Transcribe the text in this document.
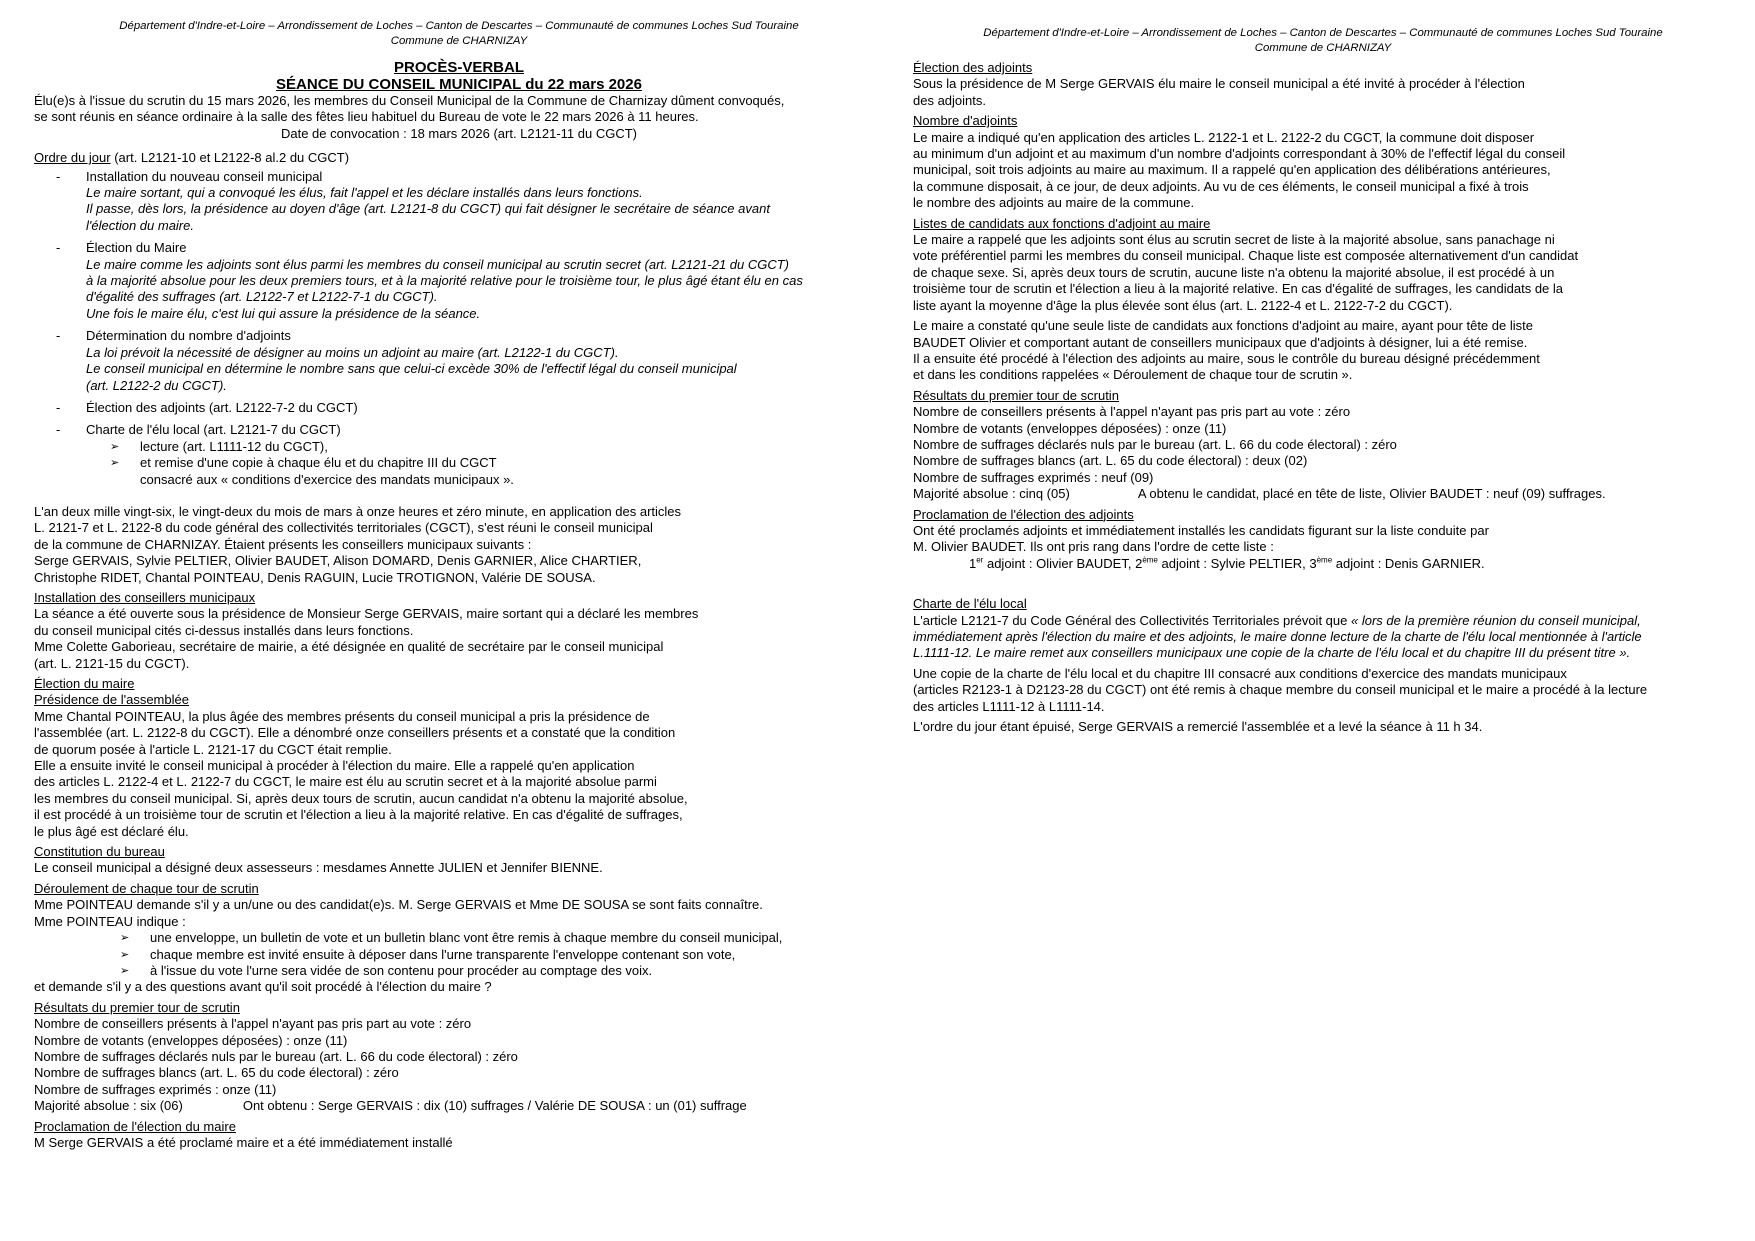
Département d'Indre-et-Loire – Arrondissement de Loches – Canton de Descartes – Communauté de communes Loches Sud Touraine
Commune de CHARNIZAY
PROCÈS-VERBAL
SÉANCE DU CONSEIL MUNICIPAL du 22 mars 2026
Élu(e)s à l'issue du scrutin du 15 mars 2026, les membres du Conseil Municipal de la Commune de Charnizay dûment convoqués,
se sont réunis en séance ordinaire à la salle des fêtes lieu habituel du Bureau de vote le 22 mars 2026 à 11 heures.
Date de convocation : 18 mars 2026 (art. L2121-11 du CGCT)
Ordre du jour (art. L2121-10 et L2122-8 al.2 du CGCT)
- Installation du nouveau conseil municipal
Le maire sortant, qui a convoqué les élus, fait l'appel et les déclare installés dans leurs fonctions.
Il passe, dès lors, la présidence au doyen d'âge (art. L2121-8 du CGCT) qui fait désigner le secrétaire de séance avant
l'élection du maire.
- Élection du Maire
Le maire comme les adjoints sont élus parmi les membres du conseil municipal au scrutin secret (art. L2121-21 du CGCT)
à la majorité absolue pour les deux premiers tours, et à la majorité relative pour le troisième tour, le plus âgé étant élu en cas
d'égalité des suffrages (art. L2122-7 et L2122-7-1 du CGCT).
Une fois le maire élu, c'est lui qui assure la présidence de la séance.
- Détermination du nombre d'adjoints
La loi prévoit la nécessité de désigner au moins un adjoint au maire (art. L2122-1 du CGCT).
Le conseil municipal en détermine le nombre sans que celui-ci excède 30% de l'effectif légal du conseil municipal
(art. L2122-2 du CGCT).
- Élection des adjoints (art. L2122-7-2 du CGCT)
- Charte de l'élu local (art. L2121-7 du CGCT)
➢ lecture (art. L1111-12 du CGCT),
➢ et remise d'une copie à chaque élu et du chapitre III du CGCT
consacré aux « conditions d'exercice des mandats municipaux ».
L'an deux mille vingt-six, le vingt-deux du mois de mars à onze heures et zéro minute, en application des articles
L. 2121-7 et L. 2122-8 du code général des collectivités territoriales (CGCT), s'est réuni le conseil municipal
de la commune de CHARNIZAY. Étaient présents les conseillers municipaux suivants :
Serge GERVAIS, Sylvie PELTIER, Olivier BAUDET, Alison DOMARD, Denis GARNIER, Alice CHARTIER,
Christophe RIDET, Chantal POINTEAU, Denis RAGUIN, Lucie TROTIGNON, Valérie DE SOUSA.
Installation des conseillers municipaux
La séance a été ouverte sous la présidence de Monsieur Serge GERVAIS, maire sortant qui a déclaré les membres
du conseil municipal cités ci-dessus installés dans leurs fonctions.
Mme Colette Gaborieau, secrétaire de mairie, a été désignée en qualité de secrétaire par le conseil municipal
(art. L. 2121-15 du CGCT).
Élection du maire
Présidence de l'assemblée
Mme Chantal POINTEAU, la plus âgée des membres présents du conseil municipal a pris la présidence de
l'assemblée (art. L. 2122-8 du CGCT). Elle a dénombré onze conseillers présents et a constaté que la condition
de quorum posée à l'article L. 2121-17 du CGCT était remplie.
Elle a ensuite invité le conseil municipal à procéder à l'élection du maire. Elle a rappelé qu'en application
des articles L. 2122-4 et L. 2122-7 du CGCT, le maire est élu au scrutin secret et à la majorité absolue parmi
les membres du conseil municipal. Si, après deux tours de scrutin, aucun candidat n'a obtenu la majorité absolue,
il est procédé à un troisième tour de scrutin et l'élection a lieu à la majorité relative. En cas d'égalité de suffrages,
le plus âgé est déclaré élu.
Constitution du bureau
Le conseil municipal a désigné deux assesseurs : mesdames Annette JULIEN et Jennifer BIENNE.
Déroulement de chaque tour de scrutin
Mme POINTEAU demande s'il y a un/une ou des candidat(e)s. M. Serge GERVAIS et Mme DE SOUSA se sont faits connaître.
Mme POINTEAU indique :
➢ une enveloppe, un bulletin de vote et un bulletin blanc vont être remis à chaque membre du conseil municipal,
➢ chaque membre est invité ensuite à déposer dans l'urne transparente l'enveloppe contenant son vote,
➢ à l'issue du vote l'urne sera vidée de son contenu pour procéder au comptage des voix.
et demande s'il y a des questions avant qu'il soit procédé à l'élection du maire ?
Résultats du premier tour de scrutin
Nombre de conseillers présents à l'appel n'ayant pas pris part au vote : zéro
Nombre de votants (enveloppes déposées) : onze (11)
Nombre de suffrages déclarés nuls par le bureau (art. L. 66 du code électoral) : zéro
Nombre de suffrages blancs (art. L. 65 du code électoral) : zéro
Nombre de suffrages exprimés : onze (11)
Majorité absolue : six (06)	Ont obtenu : Serge GERVAIS : dix (10) suffrages / Valérie DE SOUSA : un (01) suffrage
Proclamation de l'élection du maire
M Serge GERVAIS a été proclamé maire et a été immédiatement installé
Département d'Indre-et-Loire – Arrondissement de Loches – Canton de Descartes – Communauté de communes Loches Sud Touraine
Commune de CHARNIZAY
Élection des adjoints
Sous la présidence de M Serge GERVAIS élu maire le conseil municipal a été invité à procéder à l'élection
des adjoints.
Nombre d'adjoints
Le maire a indiqué qu'en application des articles L. 2122-1 et L. 2122-2 du CGCT, la commune doit disposer
au minimum d'un adjoint et au maximum d'un nombre d'adjoints correspondant à 30% de l'effectif légal du conseil
municipal, soit trois adjoints au maire au maximum. Il a rappelé qu'en application des délibérations antérieures,
la commune disposait, à ce jour, de deux adjoints. Au vu de ces éléments, le conseil municipal a fixé à trois
le nombre des adjoints au maire de la commune.
Listes de candidats aux fonctions d'adjoint au maire
Le maire a rappelé que les adjoints sont élus au scrutin secret de liste à la majorité absolue, sans panachage ni
vote préférentiel parmi les membres du conseil municipal. Chaque liste est composée alternativement d'un candidat
de chaque sexe. Si, après deux tours de scrutin, aucune liste n'a obtenu la majorité absolue, il est procédé à un
troisième tour de scrutin et l'élection a lieu à la majorité relative. En cas d'égalité de suffrages, les candidats de la
liste ayant la moyenne d'âge la plus élevée sont élus (art. L. 2122-4 et L. 2122-7-2 du CGCT).
Le maire a constaté qu'une seule liste de candidats aux fonctions d'adjoint au maire, ayant pour tête de liste
BAUDET Olivier et comportant autant de conseillers municipaux que d'adjoints à désigner, lui a été remise.
Il a ensuite été procédé à l'élection des adjoints au maire, sous le contrôle du bureau désigné précédemment
et dans les conditions rappelées « Déroulement de chaque tour de scrutin ».
Résultats du premier tour de scrutin
Nombre de conseillers présents à l'appel n'ayant pas pris part au vote : zéro
Nombre de votants (enveloppes déposées) : onze (11)
Nombre de suffrages déclarés nuls par le bureau (art. L. 66 du code électoral) : zéro
Nombre de suffrages blancs (art. L. 65 du code électoral) : deux (02)
Nombre de suffrages exprimés : neuf (09)
Majorité absolue : cinq (05)	A obtenu le candidat, placé en tête de liste, Olivier BAUDET : neuf (09) suffrages.
Proclamation de l'élection des adjoints
Ont été proclamés adjoints et immédiatement installés les candidats figurant sur la liste conduite par
M. Olivier BAUDET. Ils ont pris rang dans l'ordre de cette liste :
1er adjoint : Olivier BAUDET, 2ème adjoint : Sylvie PELTIER, 3ème adjoint : Denis GARNIER.
Charte de l'élu local
L'article L2121-7 du Code Général des Collectivités Territoriales prévoit que « lors de la première réunion du conseil municipal,
immédiatement après l'élection du maire et des adjoints, le maire donne lecture de la charte de l'élu local mentionnée à l'article
L.1111-12. Le maire remet aux conseillers municipaux une copie de la charte de l'élu local et du chapitre III du présent titre ».
Une copie de la charte de l'élu local et du chapitre III consacré aux conditions d'exercice des mandats municipaux
(articles R2123-1 à D2123-28 du CGCT) ont été remis à chaque membre du conseil municipal et le maire a procédé à la lecture
des articles L1111-12 à L1111-14.
L'ordre du jour étant épuisé, Serge GERVAIS a remercié l'assemblée et a levé la séance à 11 h 34.
